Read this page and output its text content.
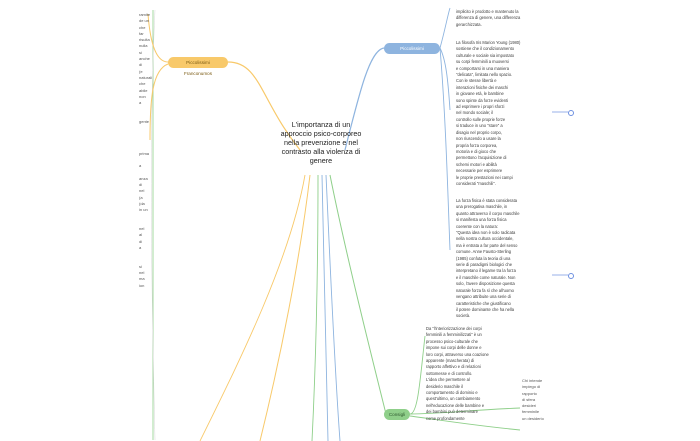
L'importanza di un approccio psico-corporeo nella prevenzione e nel contrasto alla violenza di genere
Piccolissimi Franconumos
Piccolissimi Franconumos
Consigli
implicito è prodotto e mantenuto la
differenza di genere, una differenza
gerarchizzata.
La filosofa Iris Marion Young (1980)
sostiene che il condizionamento
culturale e sociale sia impostato
su corpi femminili a muoversi
e comportarsi in una maniera
"delicata", limitata nello spazio.
Con le stesse libertà e
interazioni fisiche dei maschi
in giovane età, le bambine
sono spinte da forze evidenti
ad esprimere i propri sforzi
nel mondo sociale; il
controllo sulle proprie forze
si traduce in uno "stare" a
disagio nel proprio corpo,
non riuscendo a usare la
propria forza corporea,
motoria e di gioco che
permettono l'acquisizione di
schemi motori e abilità
necessarie per esprimere
le proprie prestazioni nei campi
considerati "maschili".
La forza fisica è stata considerata
una prerogativa maschile, in
quanto attraverso il corpo maschile
si manifesta una forza fisica
coerente con la natura:
"Questa idea non è solo radicata
nella nostra cultura occidentale,
ma è entrata a far parte del senso
comune. Anne Fausto-Sterling
(1985) confuta la teoria di una
serie di paradigmi biologici che
interpretano il legame tra la forza
e il maschile come naturale. Non
solo, l'avere disposizione questa
naturale forza fa sì che all'uomo
vengano attribuite una serie di
caratteristiche che giustificano
il potere dominante che ha nella
società.
Da "l'interiorizzazione dei corpi
femminili a femminilizzati" è un
processo psico-culturale che
impone sui corpi delle donne e
loro corpi, attraverso una coazione
apparente (mascherata) di
rapporto affettivo e di relazioni
sottomesse e di controllo.
L'idea che permettere al
desiderio maschile il
comportamento di dominio e
quest'ultimo, un cambiamento
nell'educazione delle bambine e
dei bambini può determinare
come profondamente
Chi intende
impiego di
rapporto
di sfera
desideri
femminile
un desiderio
ramite
de un
che
far
risulta
nulla
si
anche
di
(e
naturali
che
abile
non
a

gente

prima

a

anza
di
nel
(a
(da
in un

nel
al
di
a

si
nel
ma
ion
